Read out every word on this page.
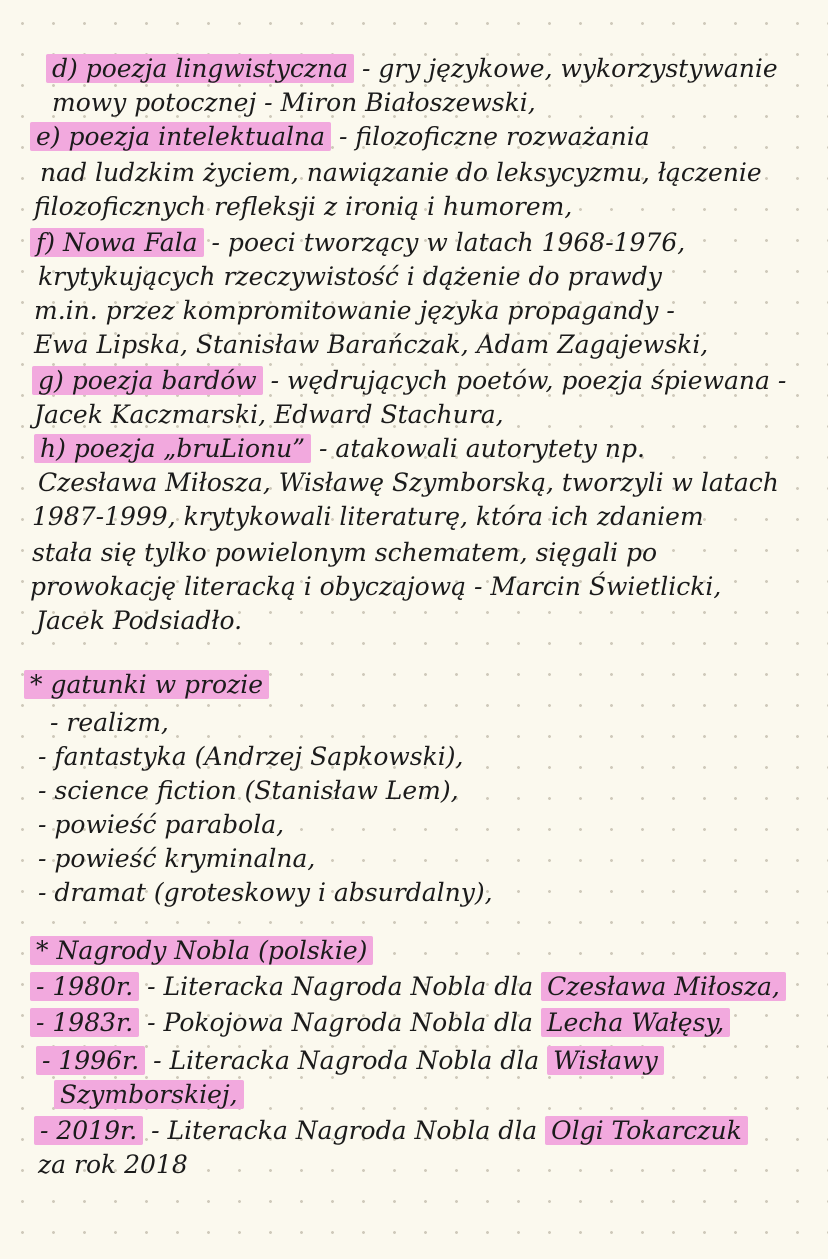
d) poezja lingwistyczna - gry językowe, wykorzystywanie
mowy potocznej - Miron Białoszewski,
e) poezja intelektualna - filozoficzne rozważania
nad ludzkim życiem, nawiązanie do leksycyzmu, łączenie
filozoficznych refleksji z ironią i humorem,
f) Nowa Fala - poeci tworzący w latach 1968-1976,
krytykujących rzeczywistość i dążenie do prawdy
m.in. przez kompromitowanie języka propagandy -
Ewa Lipska, Stanisław Barańczak, Adam Zagajewski,
g) poezja bardów - wędrujących poetów, poezja śpiewana -
Jacek Kaczmarski, Edward Stachura,
h) poezja „bruLionu” - atakowali autorytety np.
Czesława Miłosza, Wisławę Szymborską, tworzyli w latach
1987-1999, krytykowali literaturę, która ich zdaniem
stała się tylko powielonym schematem, sięgali po
prowokację literacką i obyczajową - Marcin Świetlicki,
Jacek Podsiadło.
* gatunki w prozie
- realizm,
- fantastyka (Andrzej Sapkowski),
- science fiction (Stanisław Lem),
- powieść parabola,
- powieść kryminalna,
- dramat (groteskowy i absurdalny),
* Nagrody Nobla (polskie)
- 1980r. - Literacka Nagroda Nobla dla Czesława Miłosza,
- 1983r. - Pokojowa Nagroda Nobla dla Lecha Wałęsy,
- 1996r. - Literacka Nagroda Nobla dla Wisławy
Szymborskiej,
- 2019r. - Literacka Nagroda Nobla dla Olgi Tokarczuk
za rok 2018
